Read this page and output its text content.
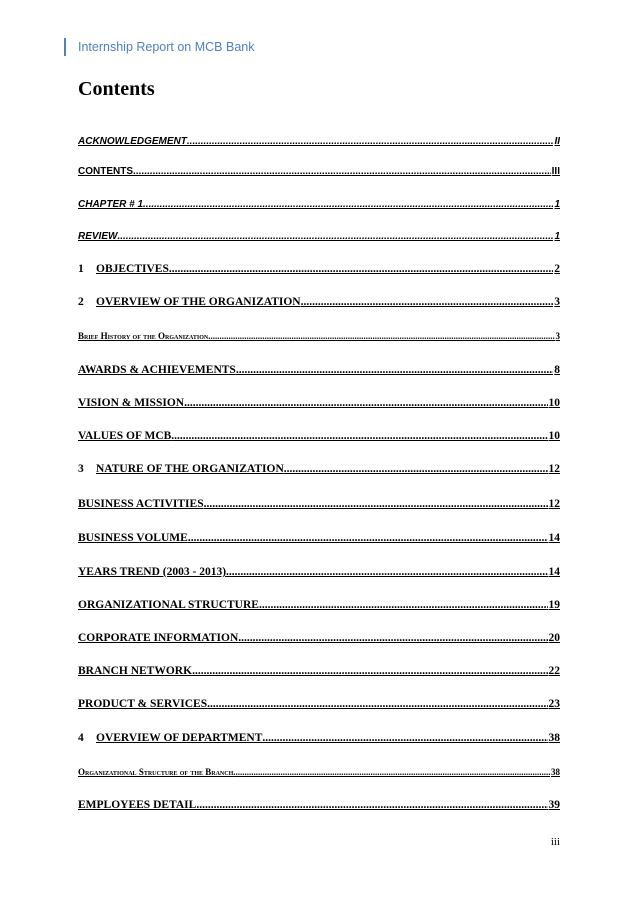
Internship Report on MCB Bank
Contents
ACKNOWLEDGEMENT .....	II
CONTENTS .....	III
CHAPTER # 1 .....	1
REVIEW .....	1
1 OBJECTIVES .....	2
2 OVERVIEW OF THE ORGANIZATION .....	3
Brief History of the Organization .....	3
AWARDS & ACHIEVEMENTS .....	8
VISION & MISSION .....	10
VALUES OF MCB .....	10
3 NATURE OF THE ORGANIZATION .....	12
BUSINESS ACTIVITIES .....	12
BUSINESS VOLUME .....	14
YEARS TREND (2003 - 2013) .....	14
ORGANIZATIONAL STRUCTURE .....	19
CORPORATE INFORMATION .....	20
BRANCH NETWORK .....	22
PRODUCT & SERVICES .....	23
4 OVERVIEW OF DEPARTMENT .....	38
Organizational Structure of the Branch .....	38
EMPLOYEES DETAIL .....	39
iii
